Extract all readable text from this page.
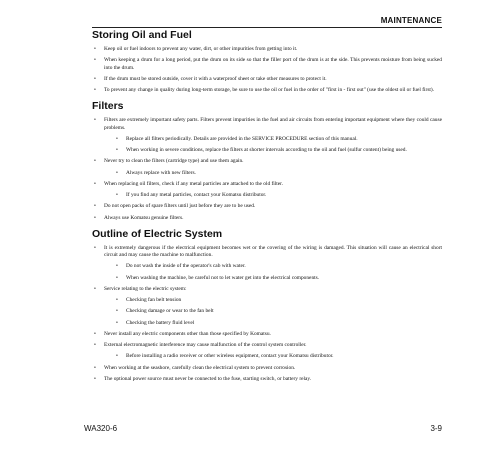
MAINTENANCE
Storing Oil and Fuel
• Keep oil or fuel indoors to prevent any water, dirt, or other impurities from getting into it.
• When keeping a drum for a long period, put the drum on its side so that the filler port of the drum is at the side. This prevents moisture from being sucked into the drum.
• If the drum must be stored outside, cover it with a waterproof sheet or take other measures to protect it.
• To prevent any change in quality during long-term storage, be sure to use the oil or fuel in the order of "first in - first out" (use the oldest oil or fuel first).
Filters
• Filters are extremely important safety parts. Filters prevent impurities in the fuel and air circuits from entering important equipment where they could cause problems.
• Replace all filters periodically. Details are provided in the SERVICE PROCEDURE section of this manual.
• When working in severe conditions, replace the filters at shorter intervals according to the oil and fuel (sulfur content) being used.
• Never try to clean the filters (cartridge type) and use them again.
• Always replace with new filters.
• When replacing oil filters, check if any metal particles are attached to the old filter.
• If you find any metal particles, contact your Komatsu distributor.
• Do not open packs of spare filters until just before they are to be used.
• Always use Komatsu genuine filters.
Outline of Electric System
• It is extremely dangerous if the electrical equipment becomes wet or the covering of the wiring is damaged. This situation will cause an electrical short circuit and may cause the machine to malfunction.
• Do not wash the inside of the operator's cab with water.
• When washing the machine, be careful not to let water get into the electrical components.
• Service relating to the electric system:
• Checking fan belt tension
• Checking damage or wear to the fan belt
• Checking the battery fluid level
• Never install any electric components other than those specified by Komatsu.
• External electromagnetic interference may cause malfunction of the control system controller.
• Before installing a radio receiver or other wireless equipment, contact your Komatsu distributor.
• When working at the seashore, carefully clean the electrical system to prevent corrosion.
• The optional power source must never be connected to the fuse, starting switch, or battery relay.
WA320-6	3-9
